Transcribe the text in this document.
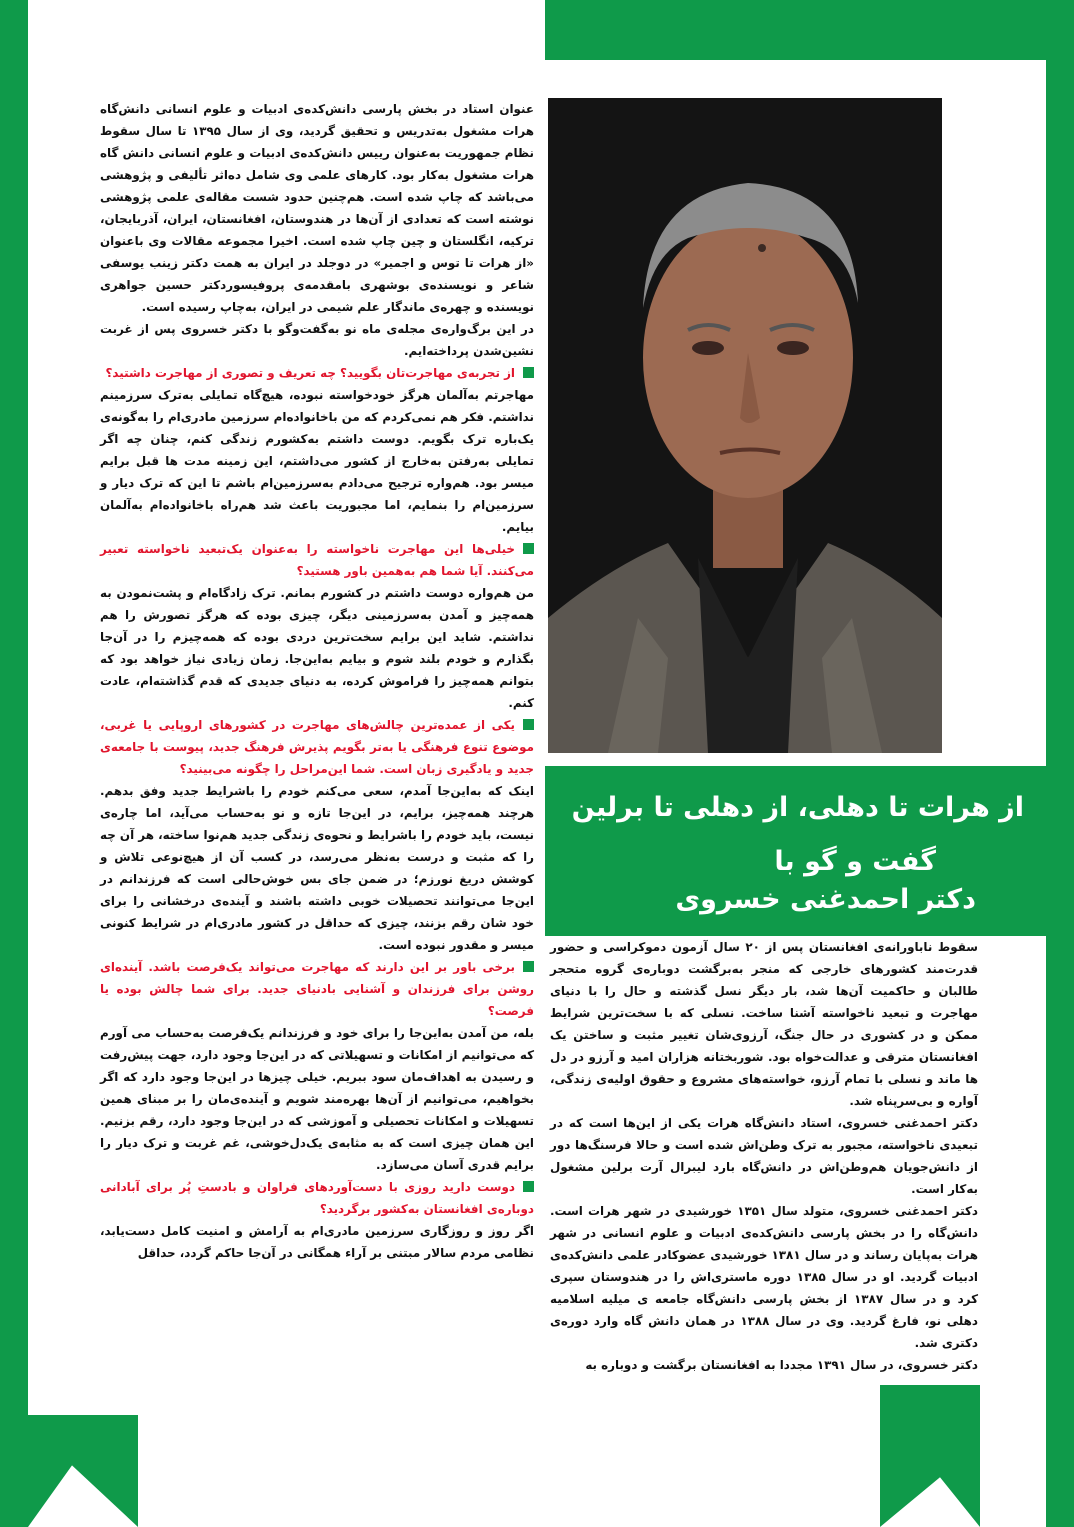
۵
از هرات تا دهلی، از دهلی تا برلین
گفت و گو با
دکتر احمدغنی خسروی

عنوان استاد در بخش پارسی دانش‌کده‌ی ادبیات و علوم انسانی دانش‌گاه هرات مشغول به‌تدریس و تحقیق گردید، وی از سال ۱۳۹۵ تا سال سقوط نظام جمهوریت به‌عنوان رییس دانش‌کده‌ی ادبیات و علوم انسانی دانش گاه هرات مشغول به‌کار بود. کارهای علمی وی شامل ده‌اثر تألیفی و پژوهشی می‌باشد که چاپ شده است. هم‌چنین حدود شست مقاله‌ی علمی پژوهشی نوشته است که تعدادی از آن‌ها در هندوستان، افغانستان، ایران، آذربایجان، ترکیه، انگلستان و چین چاپ شده است. اخیرا مجموعه مقالات وی باعنوان «از هرات تا توس و اجمیر» در دوجلد در ایران به همت دکتر زینب یوسفی شاعر و نویسنده‌ی بوشهری بامقدمه‌ی پروفیسوردکتر حسین جواهری نویسنده و چهره‌ی ماندگار علم شیمی در ایران، به‌چاپ رسیده است.

در این برگ‌واره‌ی مجله‌ی ماه نو به‌گفت‌وگو با دکتر خسروی پس از غربت نشین‌شدن پرداخته‌ایم.

از تجربه‌ی مهاجرت‌تان بگویید؟ چه تعریف و تصوری از مهاجرت داشتید؟

مهاجرتم به‌آلمان هرگز خودخواسته نبوده، هیچ‌گاه تمایلی به‌ترک سرزمینم نداشتم. فکر هم نمی‌کردم که من باخانواده‌ام سرزمین مادری‌ام را به‌گونه‌ی یک‌باره ترک بگویم. دوست داشتم به‌کشورم زندگی کنم، چنان چه اگر تمایلی به‌رفتن به‌خارج از کشور می‌داشتم، این زمینه مدت ها قبل برایم میسر بود. هم‌واره ترجیح می‌دادم به‌سرزمین‌ام باشم تا این که ترک دیار و سرزمین‌ام را بنمایم، اما مجبوریت باعث شد هم‌راه باخانواده‌ام به‌آلمان بیایم.

خیلی‌ها این مهاجرت ناخواسته را به‌عنوان یک‌تبعید ناخواسته تعبیر می‌کنند. آیا شما هم به‌همین باور هستید؟

من هم‌واره دوست داشتم در کشورم بمانم. ترک زادگاه‌ام و پشت‌نمودن به همه‌چیز و آمدن به‌سرزمینی دیگر، چیزی بوده که هرگز تصورش را هم نداشتم. شاید این برایم سخت‌ترین دردی بوده که همه‌چیزم را در آن‌جا بگذارم و خودم بلند شوم و بیایم به‌این‌جا. زمان زیادی نیاز خواهد بود که بتوانم همه‌چیز را فراموش کرده، به دنیای جدیدی که قدم گذاشته‌ام، عادت کنم.

یکی از عمده‌ترین چالش‌های مهاجرت در کشورهای اروپایی یا غربی، موضوع تنوع فرهنگی یا به‌تر بگویم پذیرش فرهنگ جدید، پیوست با جامعه‌ی جدید و یادگیری زبان است. شما این‌مراحل را چگونه می‌بینید؟

اینک که به‌این‌جا آمدم، سعی می‌کنم خودم را باشرایط جدید وفق بدهم. هرچند همه‌چیز، برایم، در این‌جا تازه و نو به‌حساب می‌آید، اما چاره‌ی نیست، باید خودم را باشرایط و نحوه‌ی زندگی جدید هم‌نوا ساخته، هر آن چه را که مثبت و درست به‌نظر می‌رسد، در کسب آن از هیچ‌نوعی تلاش و کوشش دریغ نورزم؛ در ضمن جای بس خوش‌حالی است که فرزندانم در این‌جا می‌توانند تحصیلات خوبی داشته باشند و آینده‌ی درخشانی را برای خود شان رقم بزنند، چیزی که حداقل در کشور مادری‌ام در شرایط کنونی میسر و مقدور نبوده است.

برخی باور بر این دارند که مهاجرت می‌تواند یک‌فرصت باشد. آینده‌ای روشن برای فرزندان و آشنایی بادنیای جدید. برای شما چالش بوده یا فرصت؟

بله، من آمدن به‌این‌جا را برای خود و فرزندانم یک‌فرصت به‌حساب می آورم که می‌توانیم از امکانات و تسهیلاتی که در این‌جا وجود دارد، جهت پیش‌رفت و رسیدن به اهداف‌مان سود ببریم. خیلی چیزها در این‌جا وجود دارد که اگر بخواهیم، می‌توانیم از آن‌ها بهره‌مند شویم و آینده‌ی‌مان را بر مبنای همین تسهیلات و امکانات تحصیلی و آموزشی که در این‌جا وجود دارد، رقم بزنیم. این همان چیزی است که به مثابه‌ی یک‌دل‌خوشی، غم غربت و ترک دیار را برایم قدری آسان می‌سازد.

دوست دارید روزی با دست‌آوردهای فراوان و بادستِ پُر برای آبادانی دوباره‌ی افغانستان به‌کشور برگردید؟

اگر روز و روزگاری سرزمین مادری‌ام به آرامش و امنیت کامل دست‌یابد، نظامی مردم سالار مبتنی بر آراء همگانی در آن‌جا حاکم گردد، حداقل

سقوط ناباورانه‌ی افغانستان پس از ۲۰ سال آزمون دموکراسی و حضور قدرت‌مند کشورهای خارجی که منجر به‌برگشت دوباره‌ی گروه متحجر طالبان و حاکمیت آن‌ها شد، بار دیگر نسل گذشته و حال را با دنیای مهاجرت و تبعید ناخواسته آشنا ساخت. نسلی که با سخت‌ترین شرایط ممکن و در کشوری در حال جنگ، آرزوی‌شان تغییر مثبت و ساختن یک افغانستان مترقی و عدالت‌خواه بود. شوربختانه هزاران امید و آرزو در دل ها ماند و نسلی با تمام آرزو، خواسته‌های مشروع و حقوق اولیه‌ی زندگی، آواره و بی‌سرپناه شد.

دکتر احمدغنی خسروی، استاد دانش‌گاه هرات یکی از این‌ها است که در تبعیدی ناخواسته، مجبور به ترک وطن‌اش شده است و حالا فرسنگ‌ها دور از دانش‌جویان هم‌وطن‌اش در دانش‌گاه بارد لیبرال آرت برلین مشغول به‌کار است.

دکتر احمدغنی خسروی، متولد سال ۱۳۵۱ خورشیدی در شهر هرات است. دانش‌گاه را در بخش پارسی دانش‌کده‌ی ادبیات و علوم انسانی در شهر هرات به‌پایان رساند و در سال ۱۳۸۱ خورشیدی عضوکادر علمی دانش‌کده‌ی ادبیات گردید. او در سال ۱۳۸۵ دوره ماستری‌اش را در هندوستان سپری کرد و در سال ۱۳۸۷ از بخش پارسی دانش‌گاه جامعه ی میلیه اسلامیه دهلی نو، فارغ گردید. وی در سال ۱۳۸۸ در همان دانش گاه وارد دوره‌ی دکتری شد.

دکتر خسروی، در سال ۱۳۹۱ مجددا به افغانستان برگشت و دوباره به
